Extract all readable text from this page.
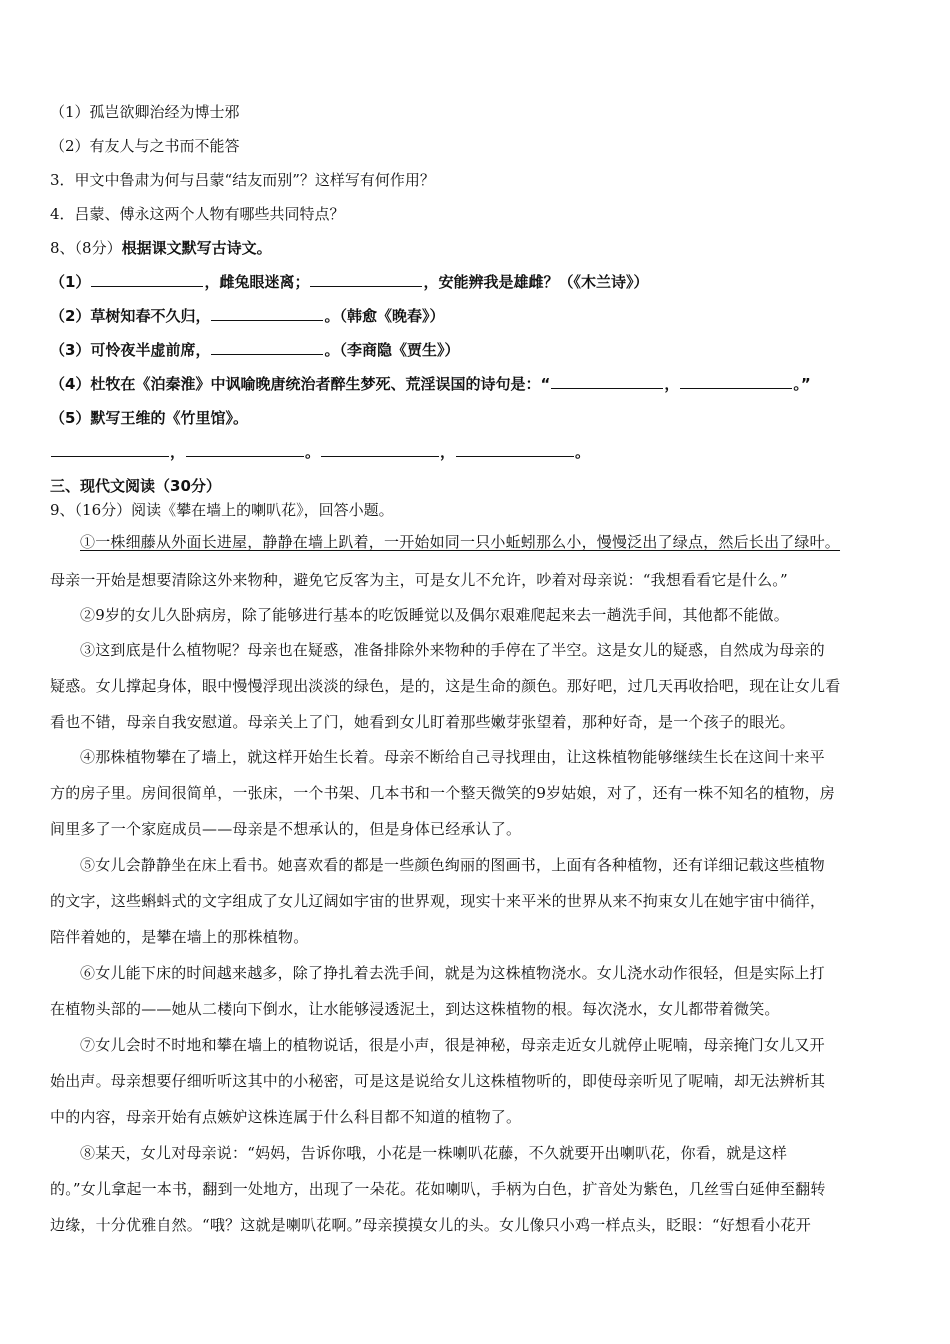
（1）孤岂欲卿治经为博士邪
（2）有友人与之书而不能答
3．甲文中鲁肃为何与吕蒙“结友而别”？这样写有何作用？
4．吕蒙、傅永这两个人物有哪些共同特点？
8、（8分）根据课文默写古诗文。
（1）	，雌兔眼迷离；	，安能辨我是雄雌？（《木兰诗》）
（2）草树知春不久归，	。（韩愈《晚春》）
（3）可怜夜半虚前席，	。（李商隐《贾生》）
（4）杜牧在《泊秦淮》中讽喻晚唐统治者醉生梦死、荒淫误国的诗句是：“	，	。”
（5）默写王维的《竹里馆》。
，	。	，	。
三、现代文阅读（30分）
9、（16分）阅读《攀在墙上的喇叭花》，回答小题。
①一株细藤从外面长进屋，静静在墙上趴着，一开始如同一只小蚯蚓那么小，慢慢泛出了绿点，然后长出了绿叶。
母亲一开始是想要清除这外来物种，避免它反客为主，可是女儿不允许，吵着对母亲说：“我想看看它是什么。”
②9岁的女儿久卧病房，除了能够进行基本的吃饭睡觉以及偶尔艰难爬起来去一趟洗手间，其他都不能做。
③这到底是什么植物呢？母亲也在疑惑，准备排除外来物种的手停在了半空。这是女儿的疑惑，自然成为母亲的
疑惑。女儿撑起身体，眼中慢慢浮现出淡淡的绿色，是的，这是生命的颜色。那好吧，过几天再收拾吧，现在让女儿看
看也不错，母亲自我安慰道。母亲关上了门，她看到女儿盯着那些嫩芽张望着，那种好奇，是一个孩子的眼光。
④那株植物攀在了墙上，就这样开始生长着。母亲不断给自己寻找理由，让这株植物能够继续生长在这间十来平
方的房子里。房间很简单，一张床，一个书架、几本书和一个整天微笑的9岁姑娘，对了，还有一株不知名的植物，房
间里多了一个家庭成员——母亲是不想承认的，但是身体已经承认了。
⑤女儿会静静坐在床上看书。她喜欢看的都是一些颜色绚丽的图画书，上面有各种植物，还有详细记载这些植物
的文字，这些蝌蚪式的文字组成了女儿辽阔如宇宙的世界观，现实十来平米的世界从来不拘束女儿在她宇宙中徜徉，
陪伴着她的，是攀在墙上的那株植物。
⑥女儿能下床的时间越来越多，除了挣扎着去洗手间，就是为这株植物浇水。女儿浇水动作很轻，但是实际上打
在植物头部的——她从二楼向下倒水，让水能够浸透泥土，到达这株植物的根。每次浇水，女儿都带着微笑。
⑦女儿会时不时地和攀在墙上的植物说话，很是小声，很是神秘，母亲走近女儿就停止呢喃，母亲掩门女儿又开
始出声。母亲想要仔细听听这其中的小秘密，可是这是说给女儿这株植物听的，即使母亲听见了呢喃，却无法辨析其
中的内容，母亲开始有点嫉妒这株连属于什么科目都不知道的植物了。
⑧某天，女儿对母亲说：“妈妈，告诉你哦，小花是一株喇叭花藤，不久就要开出喇叭花，你看，就是这样
的。”女儿拿起一本书，翻到一处地方，出现了一朵花。花如喇叭，手柄为白色，扩音处为紫色，几丝雪白延伸至翻转
边缘，十分优雅自然。“哦？这就是喇叭花啊。”母亲摸摸女儿的头。女儿像只小鸡一样点头，眨眼：“好想看小花开
